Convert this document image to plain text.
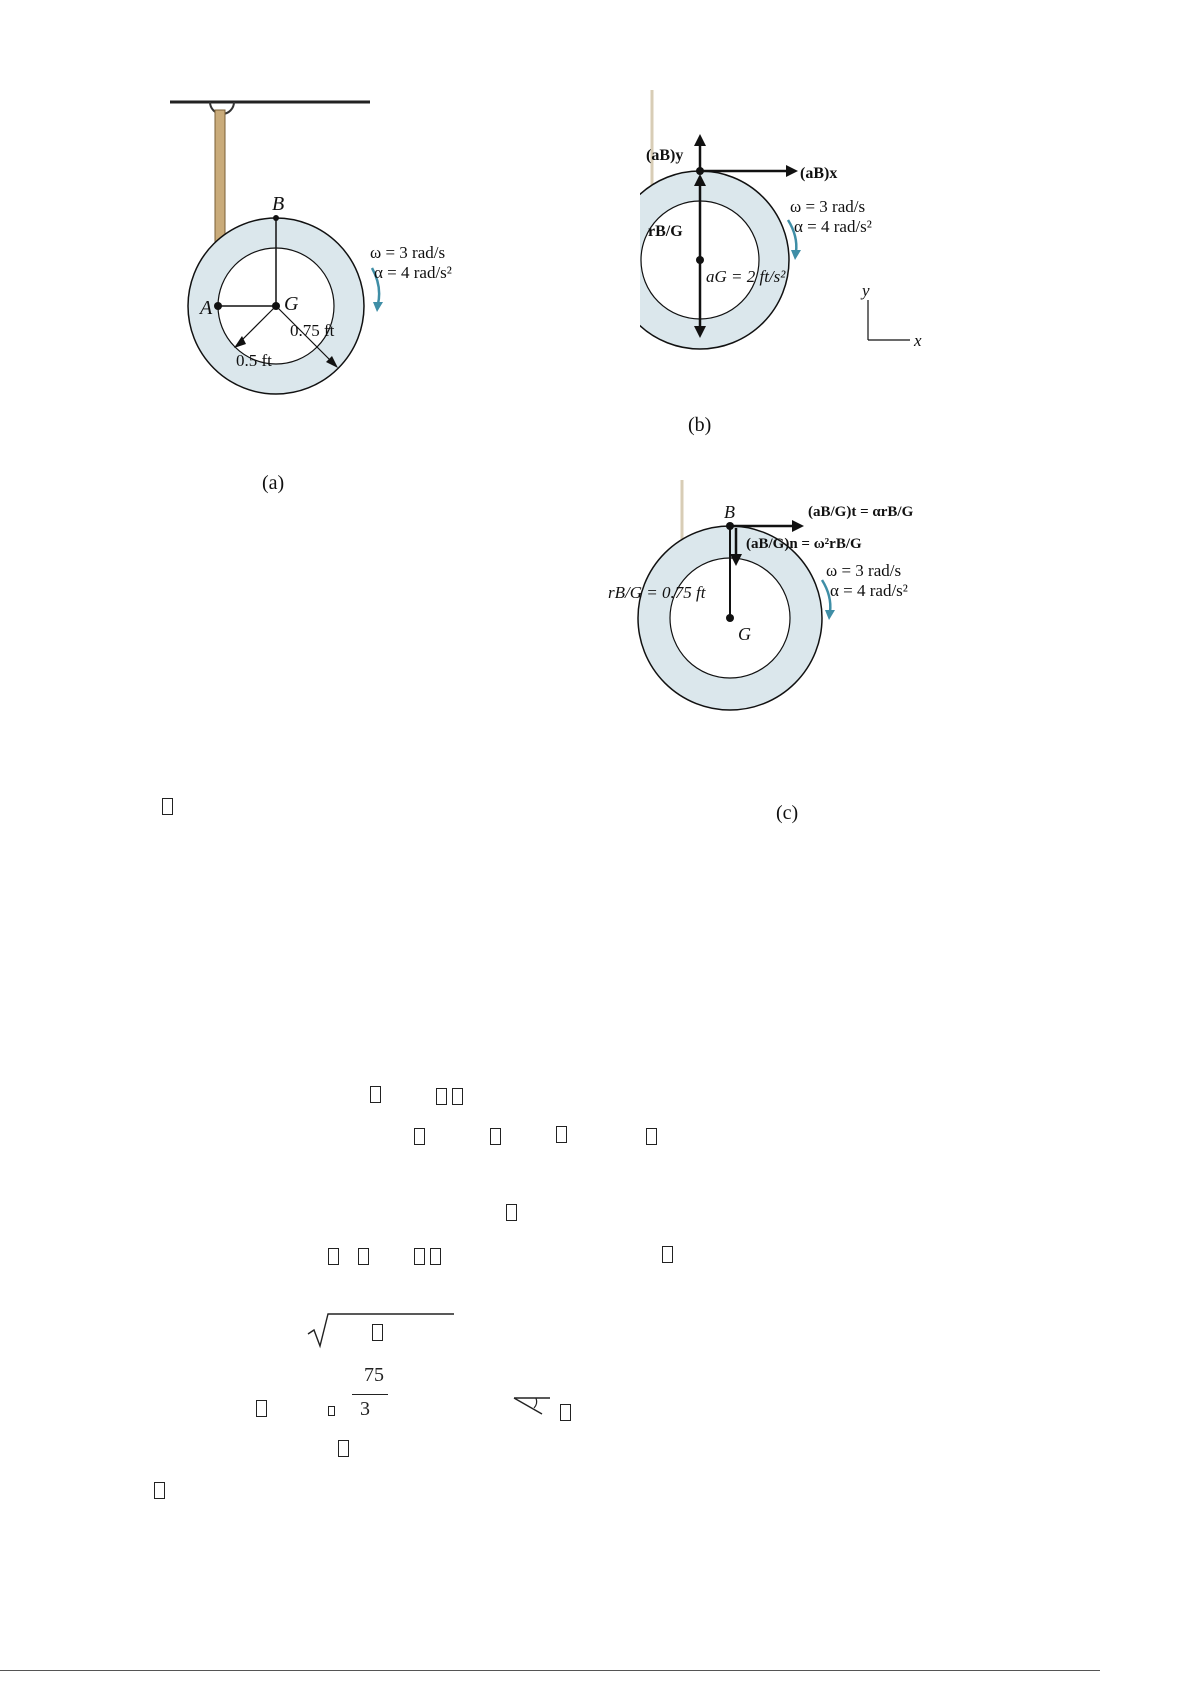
B
A	G
ω = 3 rad/s
α = 4 rad/s²
0.5 ft
0.75 ft
(a)
(aB)y
(aB)x
rB/G
aG = 2 ft/s²
ω = 3 rad/s
α = 4 rad/s²
y
x
(b)
B
G
(aB/G)t = αrB/G
(aB/G)n = ω²rB/G
rB/G = 0.75 ft
ω = 3 rad/s
α = 4 rad/s²
(c)
75
3
